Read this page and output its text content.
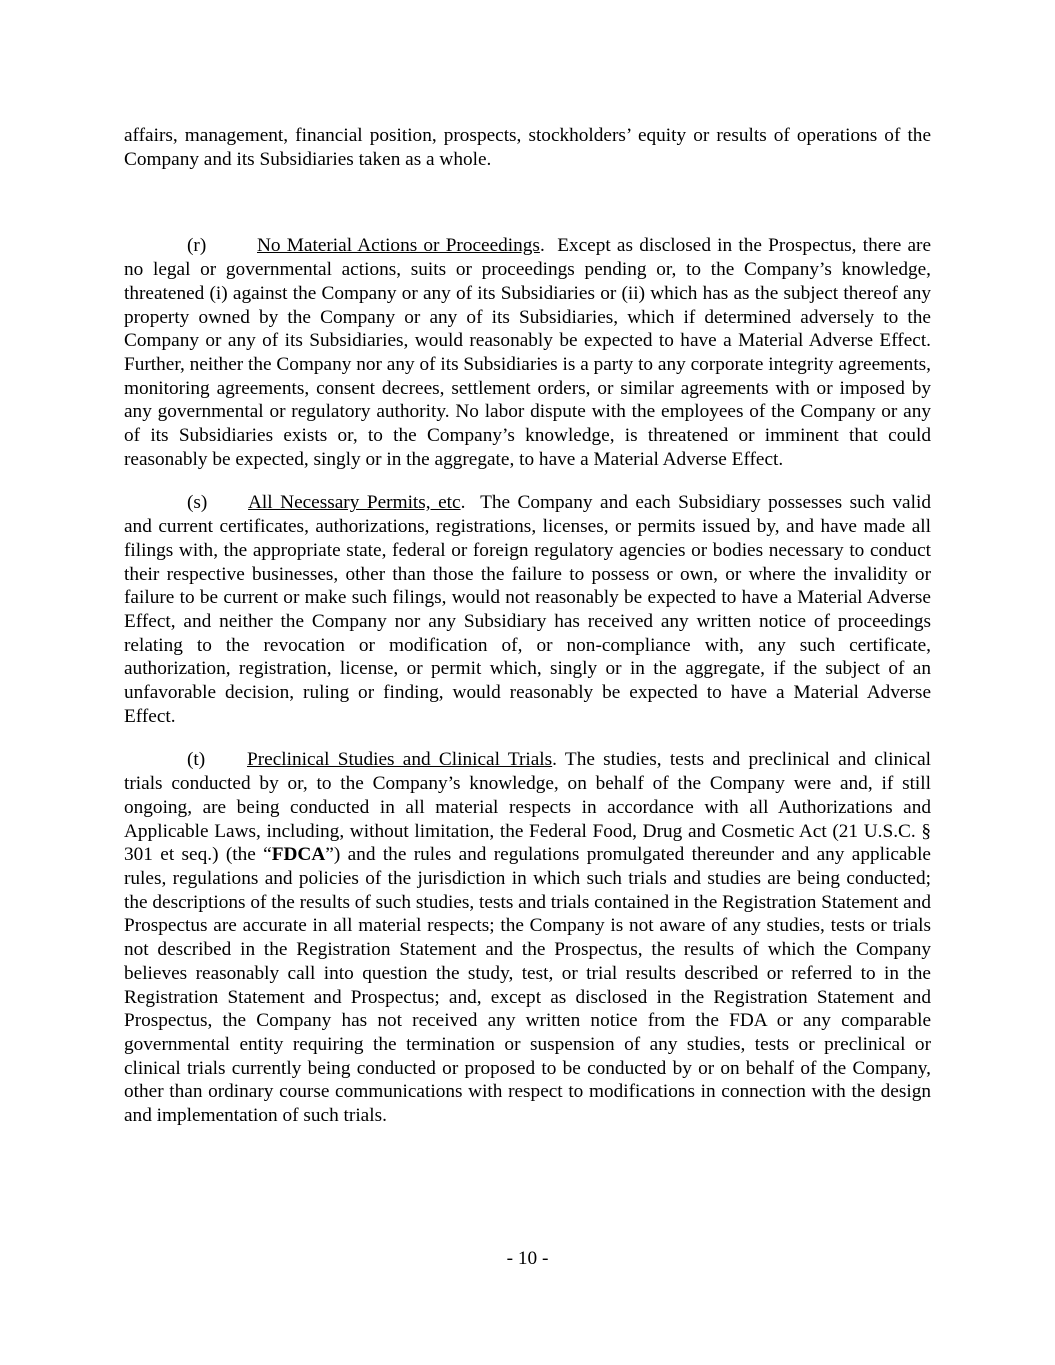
affairs, management, financial position, prospects, stockholders’ equity or results of operations of the Company and its Subsidiaries taken as a whole.

(r)	No Material Actions or Proceedings. Except as disclosed in the Prospectus, there are no legal or governmental actions, suits or proceedings pending or, to the Company’s knowledge, threatened (i) against the Company or any of its Subsidiaries or (ii) which has as the subject thereof any property owned by the Company or any of its Subsidiaries, which if determined adversely to the Company or any of its Subsidiaries, would reasonably be expected to have a Material Adverse Effect. Further, neither the Company nor any of its Subsidiaries is a party to any corporate integrity agreements, monitoring agreements, consent decrees, settlement orders, or similar agreements with or imposed by any governmental or regulatory authority. No labor dispute with the employees of the Company or any of its Subsidiaries exists or, to the Company’s knowledge, is threatened or imminent that could reasonably be expected, singly or in the aggregate, to have a Material Adverse Effect.

(s) All Necessary Permits, etc. The Company and each Subsidiary possesses such valid and current certificates, authorizations, registrations, licenses, or permits issued by, and have made all filings with, the appropriate state, federal or foreign regulatory agencies or bodies necessary to conduct their respective businesses, other than those the failure to possess or own, or where the invalidity or failure to be current or make such filings, would not reasonably be expected to have a Material Adverse Effect, and neither the Company nor any Subsidiary has received any written notice of proceedings relating to the revocation or modification of, or non-compliance with, any such certificate, authorization, registration, license, or permit which, singly or in the aggregate, if the subject of an unfavorable decision, ruling or finding, would reasonably be expected to have a Material Adverse Effect.

(t) Preclinical Studies and Clinical Trials. The studies, tests and preclinical and clinical trials conducted by or, to the Company’s knowledge, on behalf of the Company were and, if still ongoing, are being conducted in all material respects in accordance with all Authorizations and Applicable Laws, including, without limitation, the Federal Food, Drug and Cosmetic Act (21 U.S.C. § 301 et seq.) (the “FDCA”) and the rules and regulations promulgated thereunder and any applicable rules, regulations and policies of the jurisdiction in which such trials and studies are being conducted; the descriptions of the results of such studies, tests and trials contained in the Registration Statement and Prospectus are accurate in all material respects; the Company is not aware of any studies, tests or trials not described in the Registration Statement and the Prospectus, the results of which the Company believes reasonably call into question the study, test, or trial results described or referred to in the Registration Statement and Prospectus; and, except as disclosed in the Registration Statement and Prospectus, the Company has not received any written notice from the FDA or any comparable governmental entity requiring the termination or suspension of any studies, tests or preclinical or clinical trials currently being conducted or proposed to be conducted by or on behalf of the Company, other than ordinary course communications with respect to modifications in connection with the design and implementation of such trials.

- 10 -
